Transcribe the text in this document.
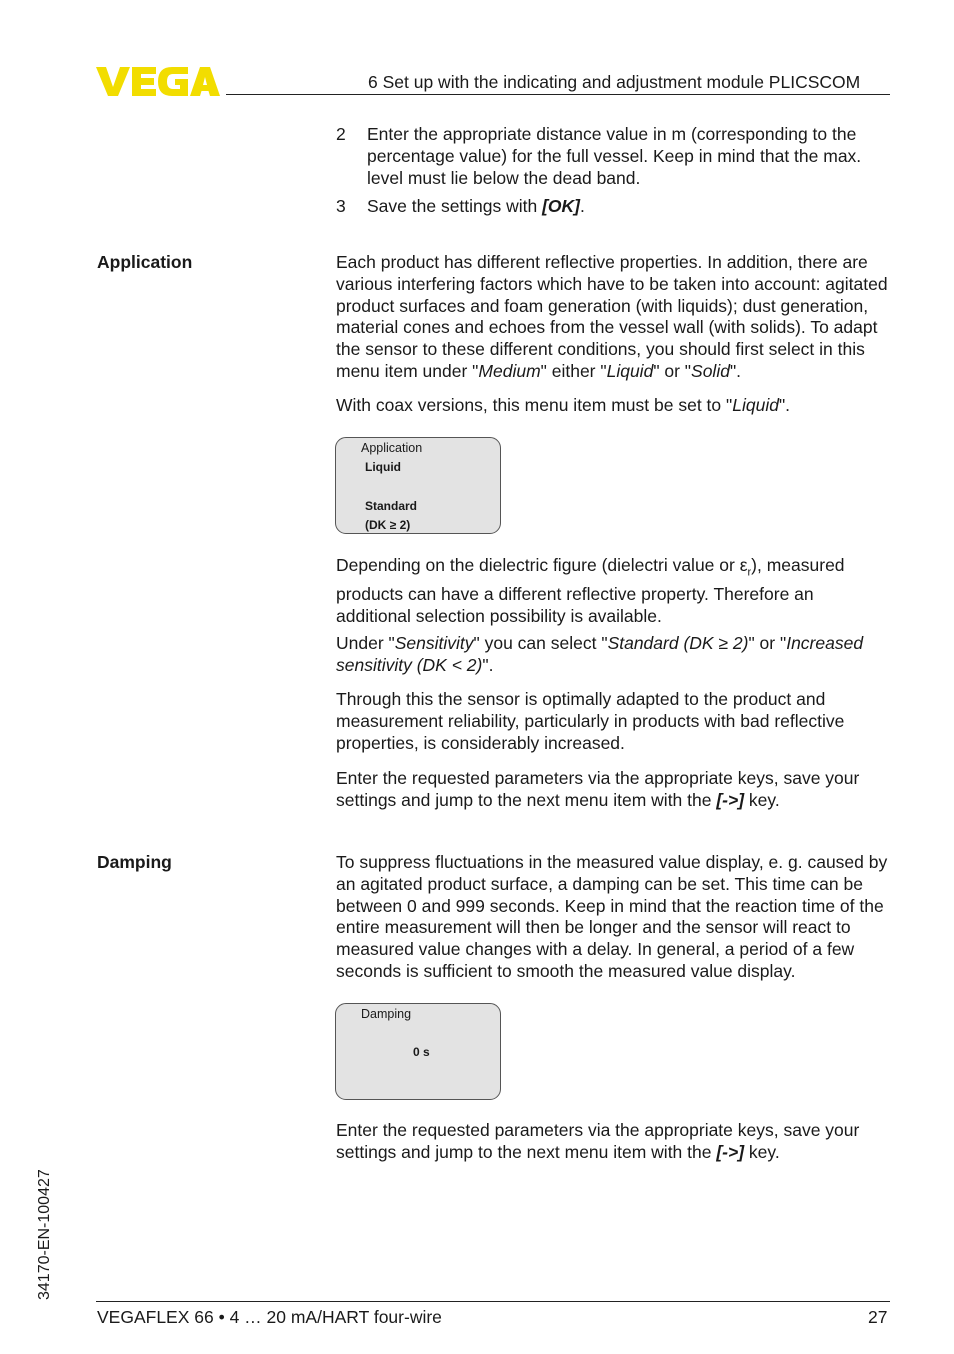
6 Set up with the indicating and adjustment module PLICSCOM
2 Enter the appropriate distance value in m (corresponding to the percentage value) for the full vessel. Keep in mind that the max. level must lie below the dead band.
3 Save the settings with [OK].
Application	Each product has different reflective properties. In addition, there are various interfering factors which have to be taken into account: agitated product surfaces and foam generation (with liquids); dust generation, material cones and echoes from the vessel wall (with solids). To adapt the sensor to these different conditions, you should first select in this menu item under "Medium" either "Liquid" or "Solid".

With coax versions, this menu item must be set to "Liquid".

Application
Liquid
Standard
(DK ≥ 2)

Depending on the dielectric figure (dielectri value or $\varepsilon_r$), measured products can have a different reflective property. Therefore an additional selection possibility is available.

Under "Sensitivity" you can select "Standard (DK ≥ 2)" or "Increased sensitivity (DK < 2)".

Through this the sensor is optimally adapted to the product and measurement reliability, particularly in products with bad reflective properties, is considerably increased.

Enter the requested parameters via the appropriate keys, save your settings and jump to the next menu item with the [->] key.

Damping	To suppress fluctuations in the measured value display, e. g. caused by an agitated product surface, a damping can be set. This time can be between 0 and 999 seconds. Keep in mind that the reaction time of the entire measurement will then be longer and the sensor will react to measured value changes with a delay. In general, a period of a few seconds is sufficient to smooth the measured value display.

Damping
0 s

Enter the requested parameters via the appropriate keys, save your settings and jump to the next menu item with the [->] key.

34170-EN-100427
VEGAFLEX 66 • 4 … 20 mA/HART four-wire	27
